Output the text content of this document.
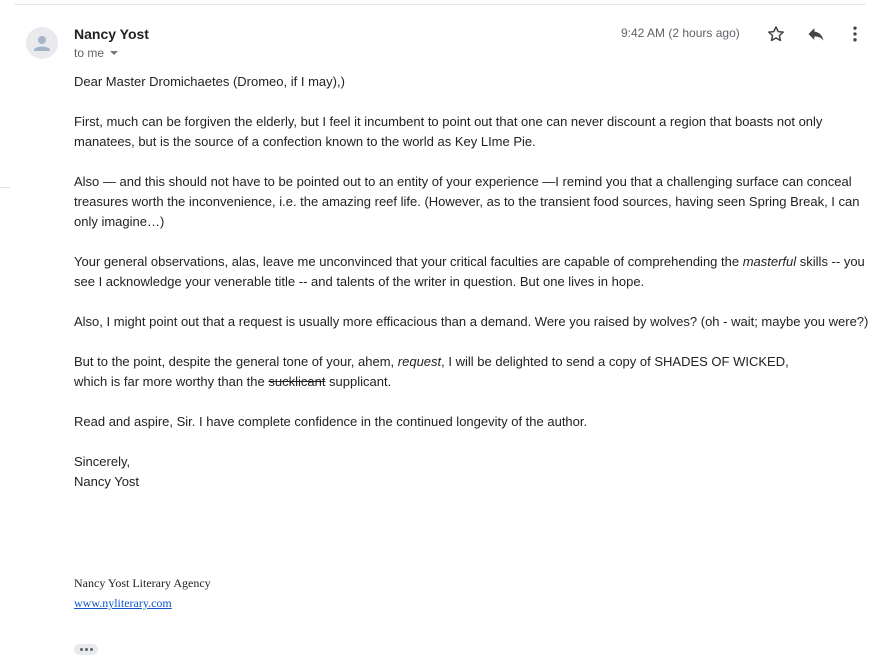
Nancy Yost
to me
9:42 AM (2 hours ago)

Dear Master Dromichaetes (Dromeo, if I may),)

First, much can be forgiven the elderly, but I feel it incumbent to point out that one can never discount a region that boasts not only manatees, but is the source of a confection known to the world as Key LIme Pie.

Also — and this should not have to be pointed out to an entity of your experience —I remind you that a challenging surface can conceal treasures worth the inconvenience, i.e. the amazing reef life. (However, as to the transient food sources, having seen Spring Break, I can only imagine…)

Your general observations, alas, leave me unconvinced that your critical faculties are capable of comprehending the masterful skills -- you see I acknowledge your venerable title -- and talents of the writer in question. But one lives in hope.

Also, I might point out that a request is usually more efficacious than a demand. Were you raised by wolves? (oh - wait; maybe you were?)

But to the point, despite the general tone of your, ahem, request, I will be delighted to send a copy of SHADES OF WICKED,
which is far more worthy than the sucklicant supplicant.

Read and aspire, Sir. I have complete confidence in the continued longevity of the author.

Sincerely,

Nancy Yost

Nancy Yost Literary Agency
www.nyliterary.com
